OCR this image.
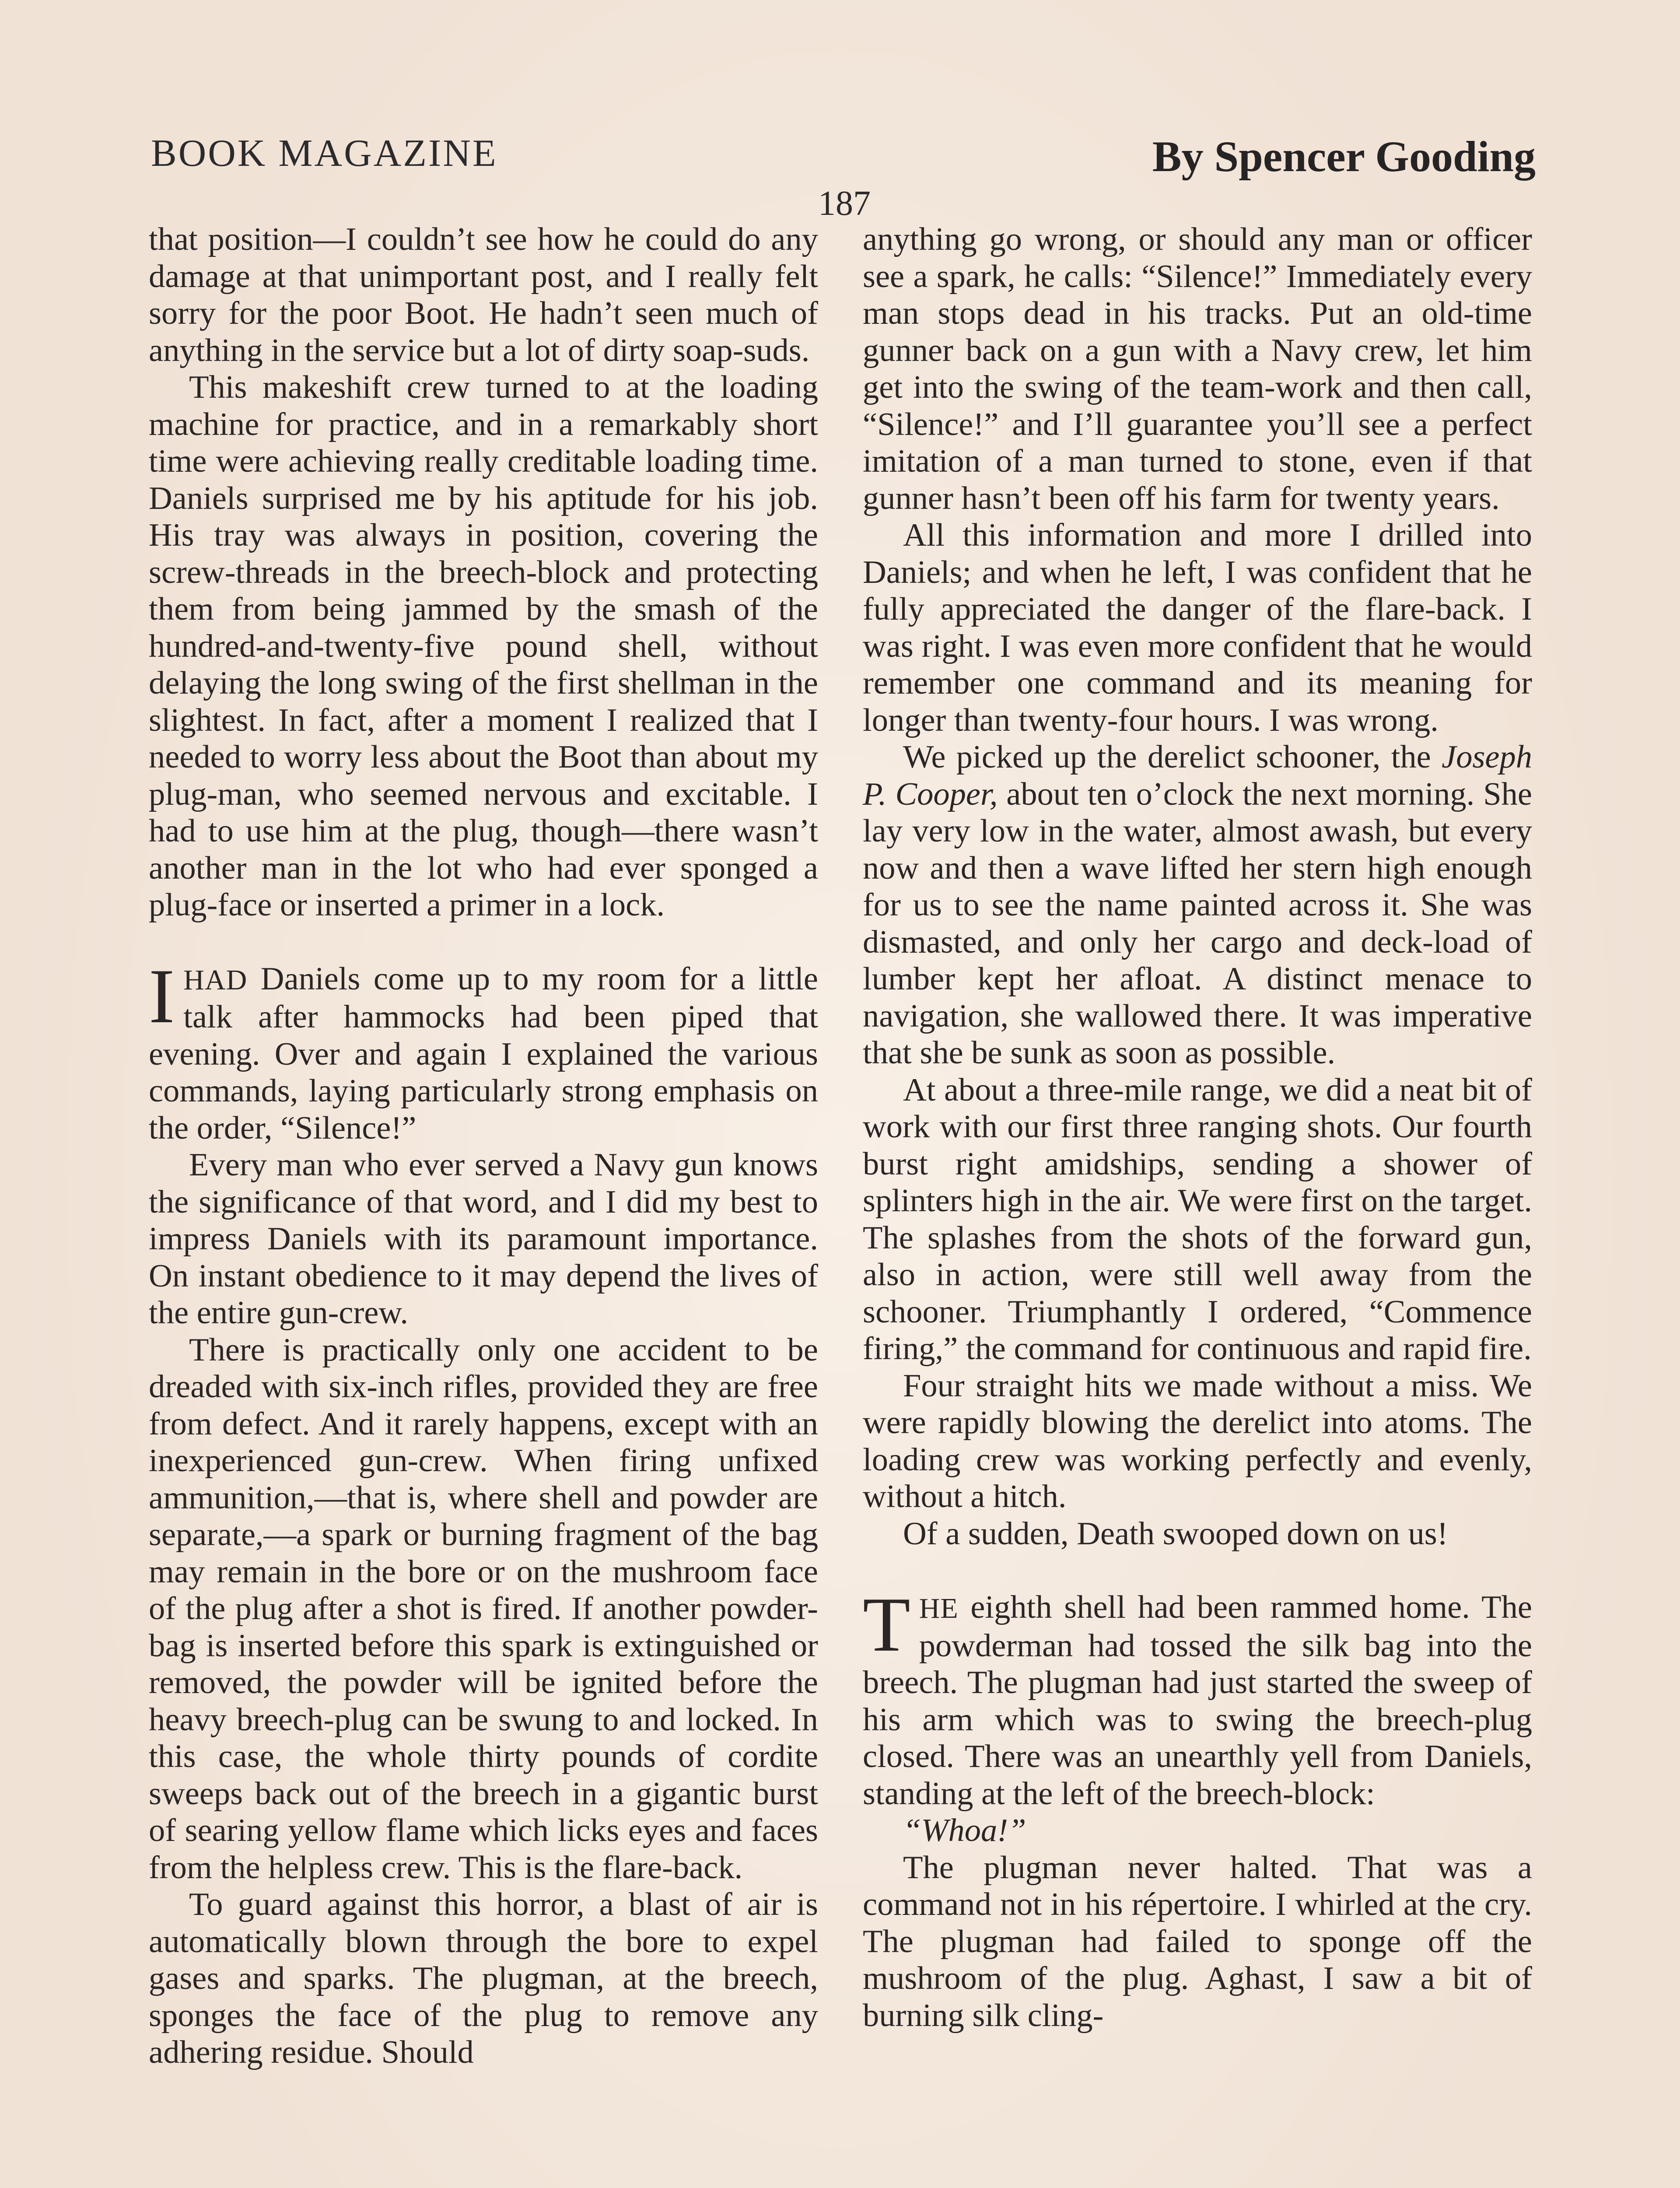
BOOK MAGAZINE	By Spencer Gooding
187

that position—I couldn’t see how he could do any damage at that unimportant post, and I really felt sorry for the poor Boot. He hadn’t seen much of anything in the service but a lot of dirty soap-suds.

This makeshift crew turned to at the loading machine for practice, and in a remarkably short time were achieving really creditable loading time. Daniels surprised me by his aptitude for his job. His tray was always in position, covering the screw-threads in the breech-block and protecting them from being jammed by the smash of the hundred-and-twenty-five pound shell, without delaying the long swing of the first shellman in the slightest. In fact, after a moment I realized that I needed to worry less about the Boot than about my plug-man, who seemed nervous and excitable. I had to use him at the plug, though—there wasn’t another man in the lot who had ever sponged a plug-face or inserted a primer in a lock.

IHAD Daniels come up to my room for a little talk after hammocks had been piped that evening. Over and again I explained the various commands, laying particularly strong emphasis on the order, “Silence!”

Every man who ever served a Navy gun knows the significance of that word, and I did my best to impress Daniels with its paramount importance. On instant obedience to it may depend the lives of the entire gun-crew.

There is practically only one accident to be dreaded with six-inch rifles, provided they are free from defect. And it rarely happens, except with an inexperienced gun-crew. When firing unfixed ammunition,—that is, where shell and powder are separate,—a spark or burning fragment of the bag may remain in the bore or on the mushroom face of the plug after a shot is fired. If another powder-bag is inserted before this spark is extinguished or removed, the powder will be ignited before the heavy breech-plug can be swung to and locked. In this case, the whole thirty pounds of cordite sweeps back out of the breech in a gigantic burst of searing yellow flame which licks eyes and faces from the helpless crew. This is the flare-back.

To guard against this horror, a blast of air is automatically blown through the bore to expel gases and sparks. The plugman, at the breech, sponges the face of the plug to remove any adhering residue. Should

anything go wrong, or should any man or officer see a spark, he calls: “Silence!” Immediately every man stops dead in his tracks. Put an old-time gunner back on a gun with a Navy crew, let him get into the swing of the team-work and then call, “Silence!” and I’ll guarantee you’ll see a perfect imitation of a man turned to stone, even if that gunner hasn’t been off his farm for twenty years.

All this information and more I drilled into Daniels; and when he left, I was confident that he fully appreciated the danger of the flare-back. I was right. I was even more confident that he would remember one command and its meaning for longer than twenty-four hours. I was wrong.

We picked up the derelict schooner, the Joseph P. Cooper, about ten o’clock the next morning. She lay very low in the water, almost awash, but every now and then a wave lifted her stern high enough for us to see the name painted across it. She was dismasted, and only her cargo and deck-load of lumber kept her afloat. A distinct menace to navigation, she wallowed there. It was imperative that she be sunk as soon as possible.

At about a three-mile range, we did a neat bit of work with our first three ranging shots. Our fourth burst right amidships, sending a shower of splinters high in the air. We were first on the target. The splashes from the shots of the forward gun, also in action, were still well away from the schooner. Triumphantly I ordered, “Commence firing,” the command for continuous and rapid fire.

Four straight hits we made without a miss. We were rapidly blowing the derelict into atoms. The loading crew was working perfectly and evenly, without a hitch.

Of a sudden, Death swooped down on us!

THE eighth shell had been rammed home. The powderman had tossed the silk bag into the breech. The plugman had just started the sweep of his arm which was to swing the breech-plug closed. There was an unearthly yell from Daniels, standing at the left of the breech-block:

“Whoa!”

The plugman never halted. That was a command not in his répertoire. I whirled at the cry. The plugman had failed to sponge off the mushroom of the plug. Aghast, I saw a bit of burning silk cling-
